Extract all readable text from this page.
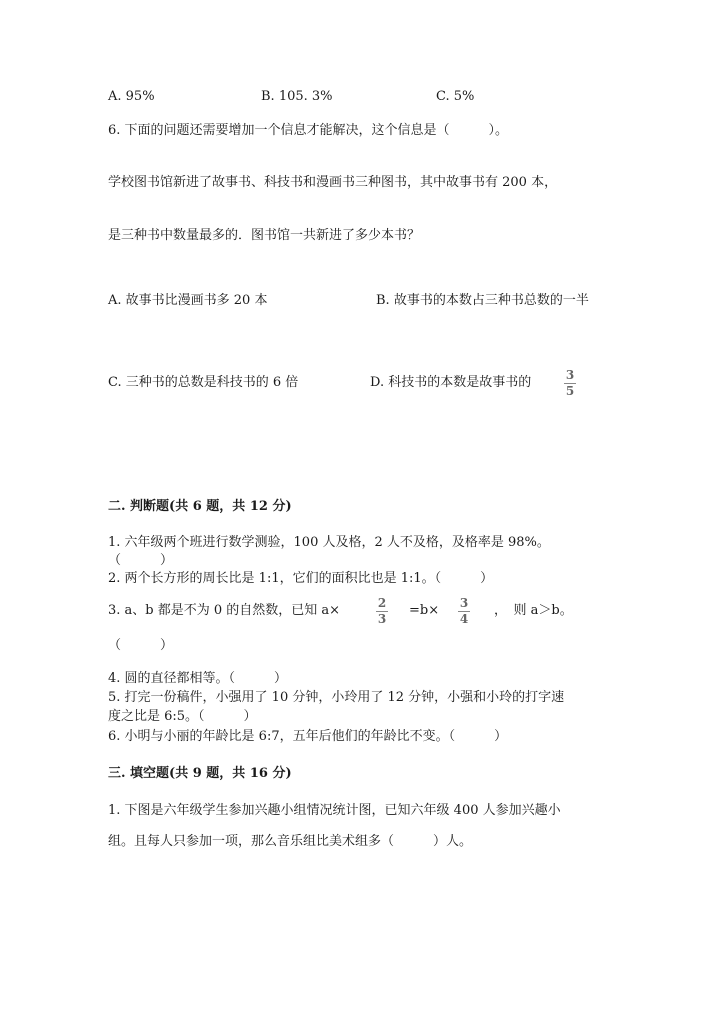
A. 95%	B. 105. 3%	C. 5%
6. 下面的问题还需要增加一个信息才能解决，这个信息是（　　　）。
学校图书馆新进了故事书、科技书和漫画书三种图书，其中故事书有 200 本，
是三种书中数量最多的．图书馆一共新进了多少本书？
A. 故事书比漫画书多 20 本	B. 故事书的本数占三种书总数的一半
C. 三种书的总数是科技书的 6 倍	D. 科技书的本数是故事书的	3
5
二. 判断题(共 6 题，共 12 分)
1. 六年级两个班进行数学测验，100 人及格，2 人不及格，及格率是 98%。
（　　　）
2. 两个长方形的周长比是 1:1，它们的面积比也是 1:1。（　　　）
3. a、b 都是不为 0 的自然数，已知 a×	2
3
=b×	3
4
，　则 a＞b。
（　　　）
4. 圆的直径都相等。（　　　）
5. 打完一份稿件，小强用了 10 分钟，小玲用了 12 分钟，小强和小玲的打字速
度之比是 6:5。（　　　）
6. 小明与小丽的年龄比是 6:7，五年后他们的年龄比不变。（　　　）
三. 填空题(共 9 题，共 16 分)
1. 下图是六年级学生参加兴趣小组情况统计图，已知六年级 400 人参加兴趣小
组。且每人只参加一项，那么音乐组比美术组多（　　　）人。
